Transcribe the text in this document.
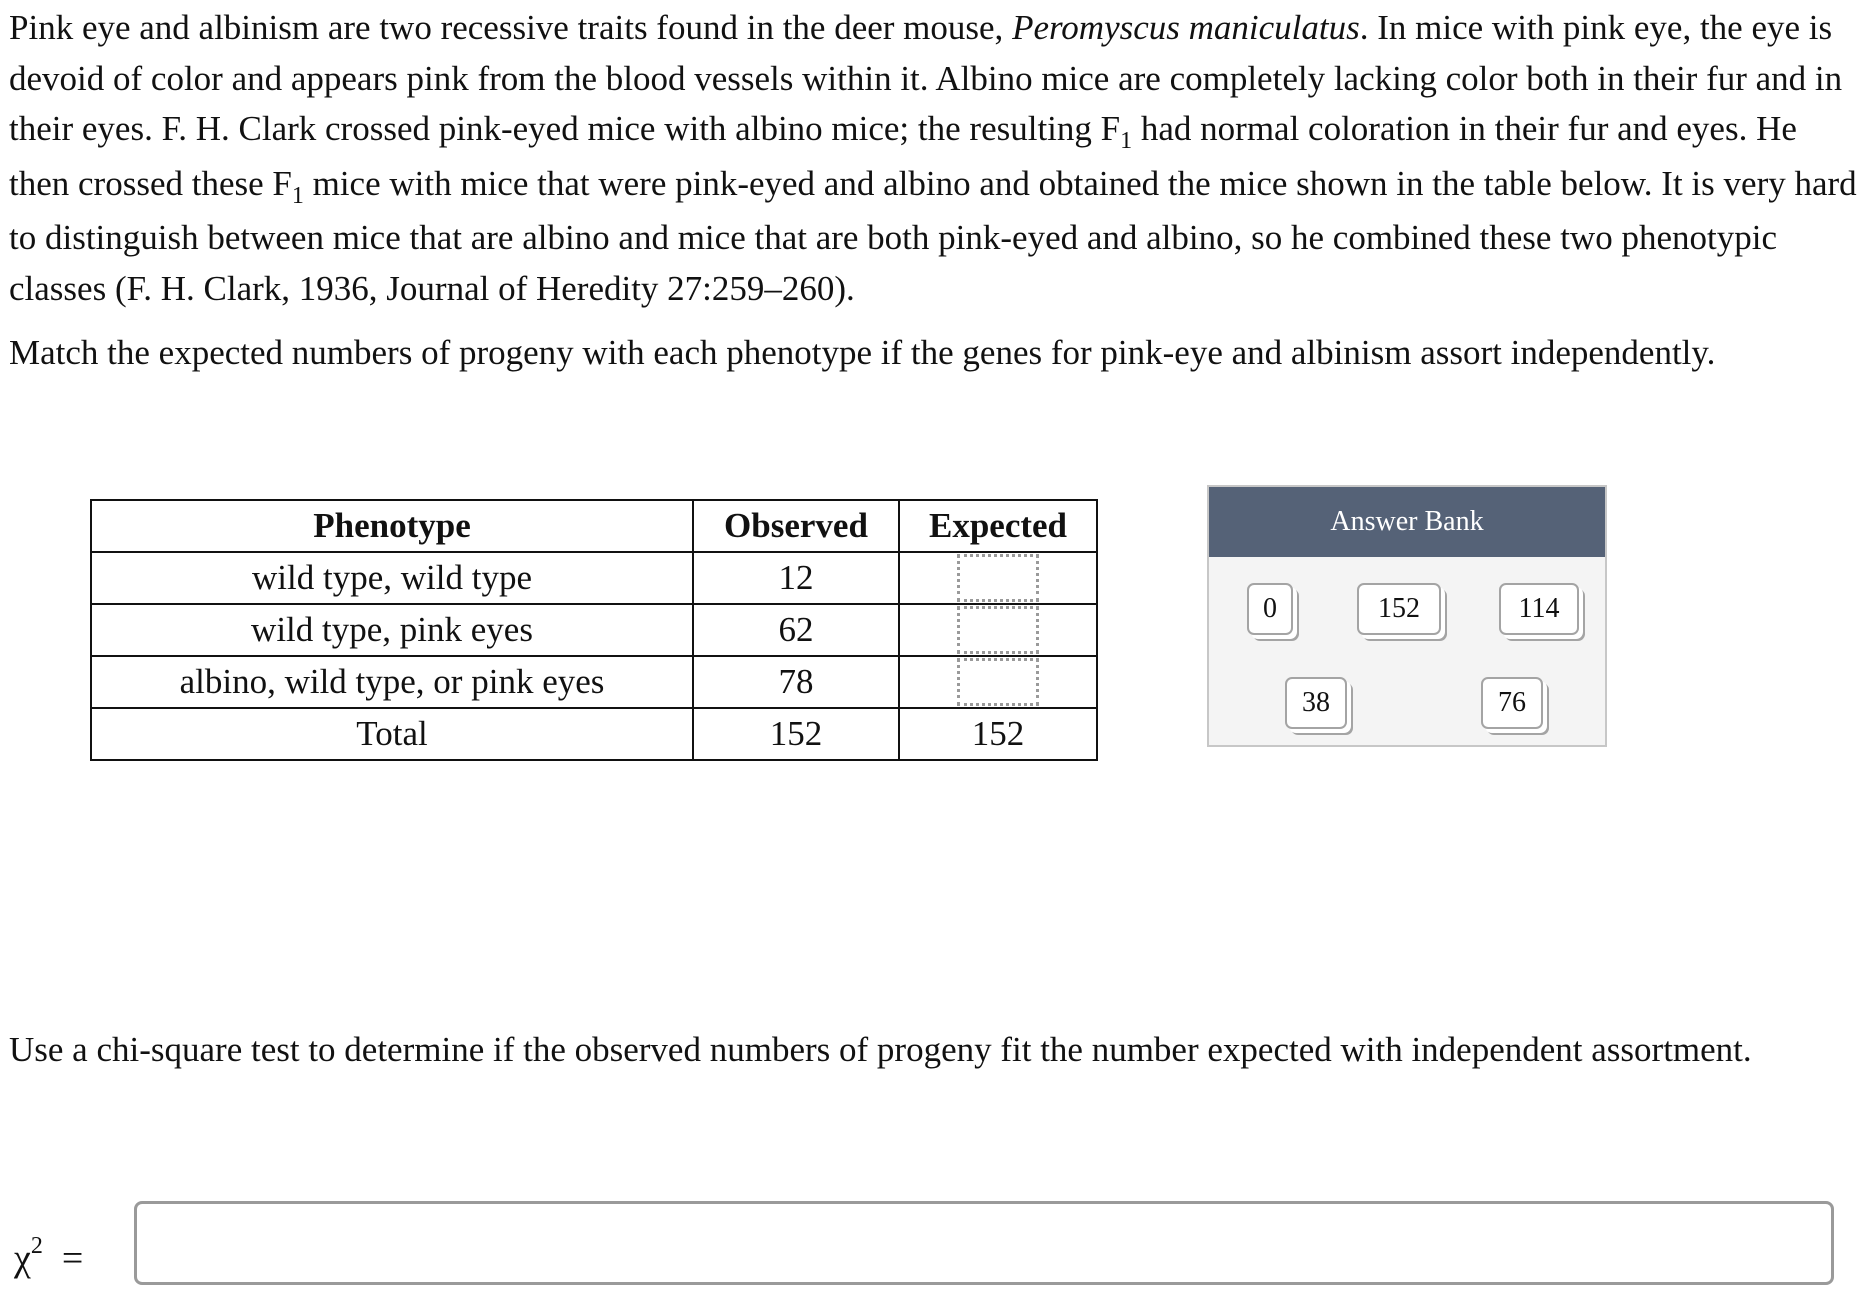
Pink eye and albinism are two recessive traits found in the deer mouse, Peromyscus maniculatus. In mice with pink eye, the eye is devoid of color and appears pink from the blood vessels within it. Albino mice are completely lacking color both in their fur and in their eyes. F. H. Clark crossed pink-eyed mice with albino mice; the resulting $F_1$ had normal coloration in their fur and eyes. He then crossed these $F_1$ mice with mice that were pink-eyed and albino and obtained the mice shown in the table below. It is very hard to distinguish between mice that are albino and mice that are both pink-eyed and albino, so he combined these two phenotypic classes (F. H. Clark, 1936, Journal of Heredity 27:259–260).

Match the expected numbers of progeny with each phenotype if the genes for pink-eye and albinism assort independently.

Phenotype	Observed	Expected
wild type, wild type	12	
wild type, pink eyes	62	
albino, wild type, or pink eyes	78	
Total	152	152
Answer Bank
0	152	114
38	76

Use a chi-square test to determine if the observed numbers of progeny fit the number expected with independent assortment.

$\chi^2$ =
